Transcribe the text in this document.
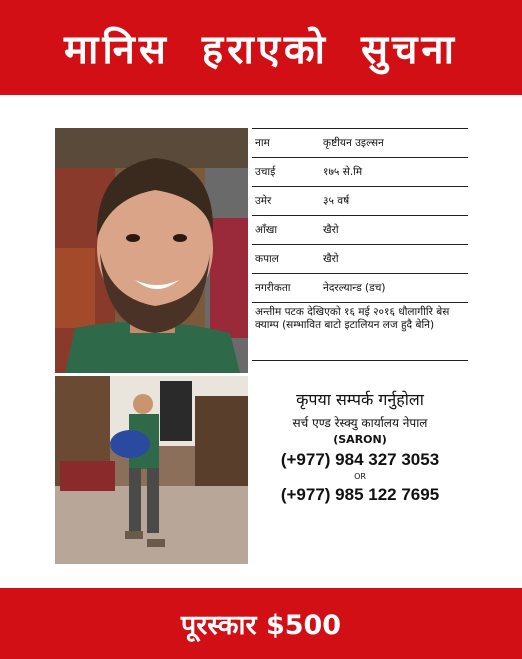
मानिस हराएको सुचना
नाम	कृष्टीयन उइल्सन
उचाई	१७५ से.मि
उमेर	३५ वर्ष
आँखा	खैरो
कपाल	खैरो
नगरीकता	नेदरल्यान्ड (डच)
अन्तीम पटक देखिएको १६ मई २०१६ धौलागीरि बेस क्याम्प (सम्भावित बाटो इटालियन लज हुदै बेनि)
कृपया सम्पर्क गर्नुहोला
सर्च एण्ड रेस्क्यु कार्यालय नेपाल
(SARON)
(+977) 984 327 3053
OR
(+977) 985 122 7695
पूरस्कार $500
